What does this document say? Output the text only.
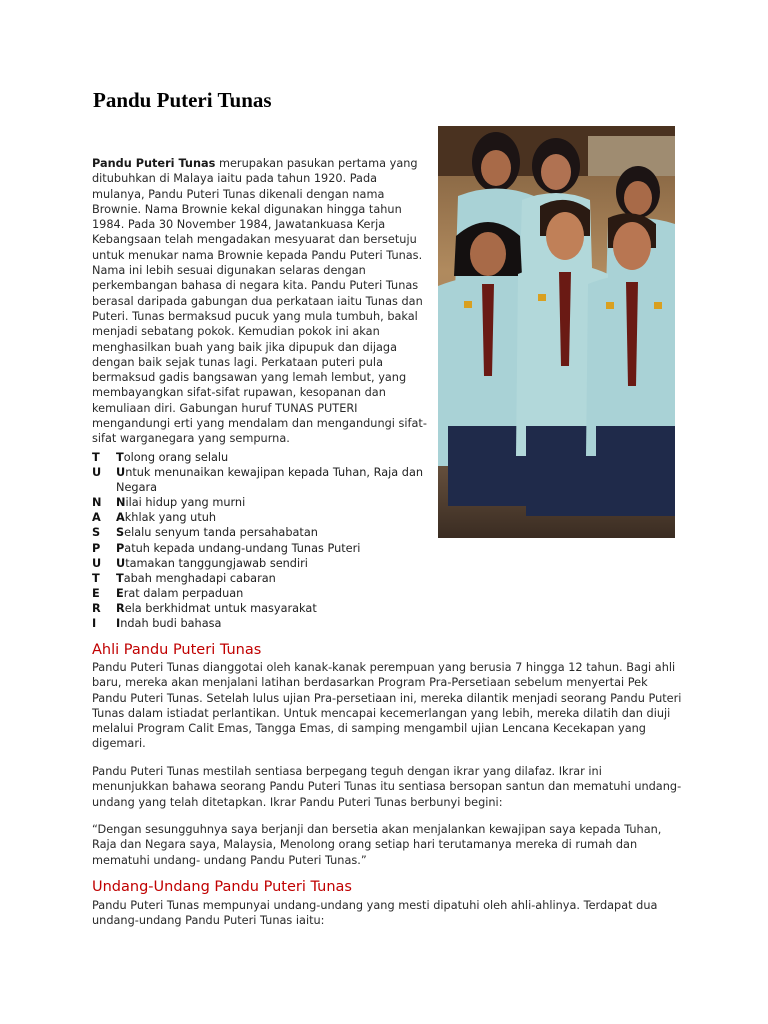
Pandu Puteri Tunas

Pandu Puteri Tunas merupakan pasukan pertama yang ditubuhkan di Malaya iaitu pada tahun 1920. Pada mulanya, Pandu Puteri Tunas dikenali dengan nama Brownie. Nama Brownie kekal digunakan hingga tahun 1984. Pada 30 November 1984, Jawatankuasa Kerja Kebangsaan telah mengadakan mesyuarat dan bersetuju untuk menukar nama Brownie kepada Pandu Puteri Tunas. Nama ini lebih sesuai digunakan selaras dengan perkembangan bahasa di negara kita. Pandu Puteri Tunas berasal daripada gabungan dua perkataan iaitu Tunas dan Puteri. Tunas bermaksud pucuk yang mula tumbuh, bakal menjadi sebatang pokok. Kemudian pokok ini akan menghasilkan buah yang baik jika dipupuk dan dijaga dengan baik sejak tunas lagi. Perkataan puteri pula bermaksud gadis bangsawan yang lemah lembut, yang membayangkan sifat-sifat rupawan, kesopanan dan kemuliaan diri. Gabungan huruf TUNAS PUTERI mengandungi erti yang mendalam dan mengandungi sifat-sifat warganegara yang sempurna.

T Tolong orang selalu
U Untuk menunaikan kewajipan kepada Tuhan, Raja dan Negara
N Nilai hidup yang murni
A Akhlak yang utuh
S Selalu senyum tanda persahabatan
P Patuh kepada undang-undang Tunas Puteri
U Utamakan tanggungjawab sendiri
T Tabah menghadapi cabaran
E Erat dalam perpaduan
R Rela berkhidmat untuk masyarakat
I Indah budi bahasa
Ahli Pandu Puteri Tunas

Pandu Puteri Tunas dianggotai oleh kanak-kanak perempuan yang berusia 7 hingga 12 tahun. Bagi ahli baru, mereka akan menjalani latihan berdasarkan Program Pra-Persetiaan sebelum menyertai Pek Pandu Puteri Tunas. Setelah lulus ujian Pra-persetiaan ini, mereka dilantik menjadi seorang Pandu Puteri Tunas dalam istiadat perlantikan. Untuk mencapai kecemerlangan yang lebih, mereka dilatih dan diuji melalui Program Calit Emas, Tangga Emas, di samping mengambil ujian Lencana Kecekapan yang digemari.

Pandu Puteri Tunas mestilah sentiasa berpegang teguh dengan ikrar yang dilafaz. Ikrar ini menunjukkan bahawa seorang Pandu Puteri Tunas itu sentiasa bersopan santun dan mematuhi undang-undang yang telah ditetapkan. Ikrar Pandu Puteri Tunas berbunyi begini:

“Dengan sesungguhnya saya berjanji dan bersetia akan menjalankan kewajipan saya kepada Tuhan, Raja dan Negara saya, Malaysia, Menolong orang setiap hari terutamanya mereka di rumah dan mematuhi undang- undang Pandu Puteri Tunas.”

Undang-Undang Pandu Puteri Tunas

Pandu Puteri Tunas mempunyai undang-undang yang mesti dipatuhi oleh ahli-ahlinya. Terdapat dua undang-undang Pandu Puteri Tunas iaitu:
